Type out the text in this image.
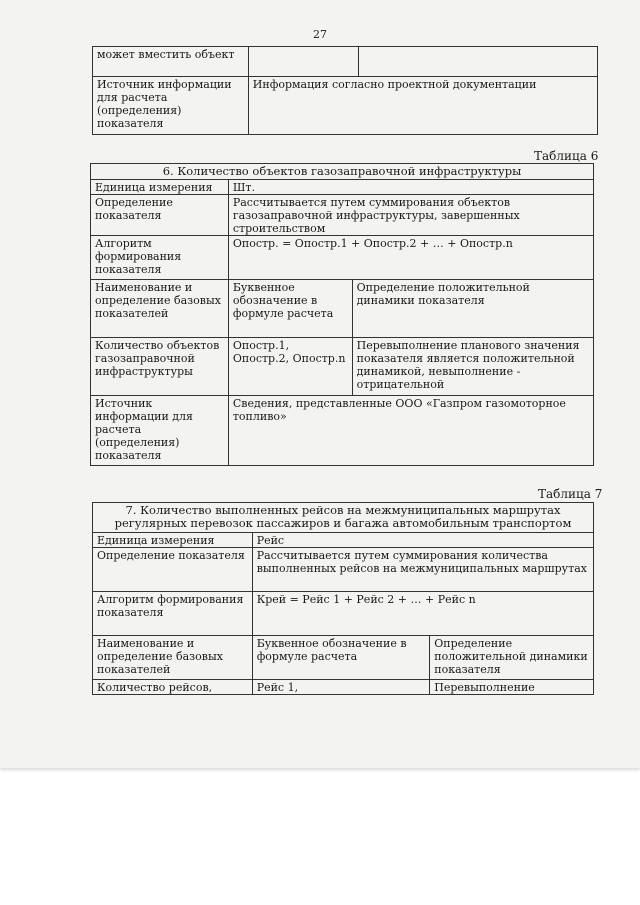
27
может вместить объект		
Источник информации для расчета (определения) показателя	Информация согласно проектной документации	
Таблица 6
6. Количество объектов газозаправочной инфраструктуры		
Единица измерения	Шт.	
Определение показателя	Рассчитывается путем суммирования объектов газозаправочной инфраструктуры, завершенных строительством	
Алгоритм формирования показателя	Опостр. = Опостр.1 + Опостр.2 + … + Опостр.n	
Наименование и определение базовых показателей	Буквенное обозначение в формуле расчета	Определение положительной динамики показателя
Количество объектов газозаправочной инфраструктуры	Опостр.1, Опостр.2, Опостр.n	Перевыполнение планового значения показателя является положительной динамикой, невыполнение - отрицательной
Источник информации для расчета (определения) показателя	Сведения, представленные ООО «Газпром газомоторное топливо»	
Таблица 7
7. Количество выполненных рейсов на межмуниципальных маршрутах регулярных перевозок пассажиров и багажа автомобильным транспортом		
Единица измерения	Рейс	
Определение показателя	Рассчитывается путем суммирования количества выполненных рейсов на межмуниципальных маршрутах	
Алгоритм формирования показателя	Крей = Рейс 1 + Рейс 2 + … + Рейс n	
Наименование и определение базовых показателей	Буквенное обозначение в формуле расчета	Определение положительной динамики показателя
Количество рейсов,	Рейс 1,	Перевыполнение
